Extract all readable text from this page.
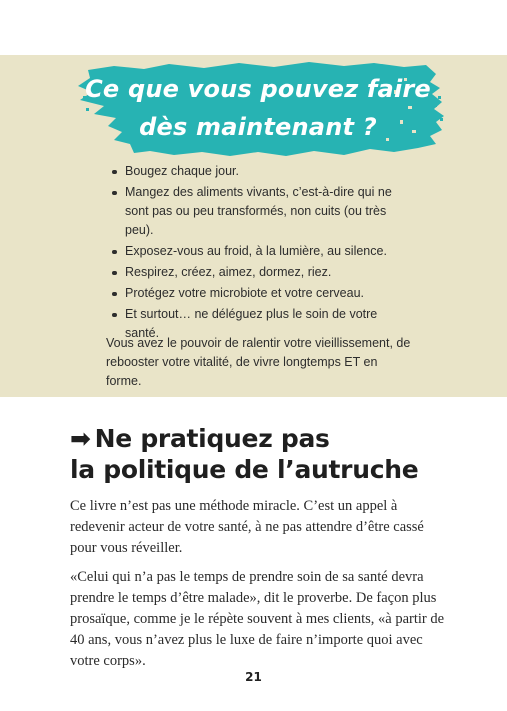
Ce que vous pouvez faire
dès maintenant ?
Bougez chaque jour.
Mangez des aliments vivants, c’est-à-dire qui ne sont pas ou peu transformés, non cuits (ou très peu).
Exposez-vous au froid, à la lumière, au silence.
Respirez, créez, aimez, dormez, riez.
Protégez votre microbiote et votre cerveau.
Et surtout… ne déléguez plus le soin de votre santé.

Vous avez le pouvoir de ralentir votre vieillissement, de rebooster votre vitalité, de vivre longtemps ET en forme.

➡ Ne pratiquez pas
la politique de l’autruche

Ce livre n’est pas une méthode miracle. C’est un appel à redevenir acteur de votre santé, à ne pas attendre d’être cassé pour vous réveiller.

«Celui qui n’a pas le temps de prendre soin de sa santé devra prendre le temps d’être malade», dit le proverbe. De façon plus prosaïque, comme je le répète souvent à mes clients, «à partir de 40 ans, vous n’avez plus le luxe de faire n’importe quoi avec votre corps».

21
